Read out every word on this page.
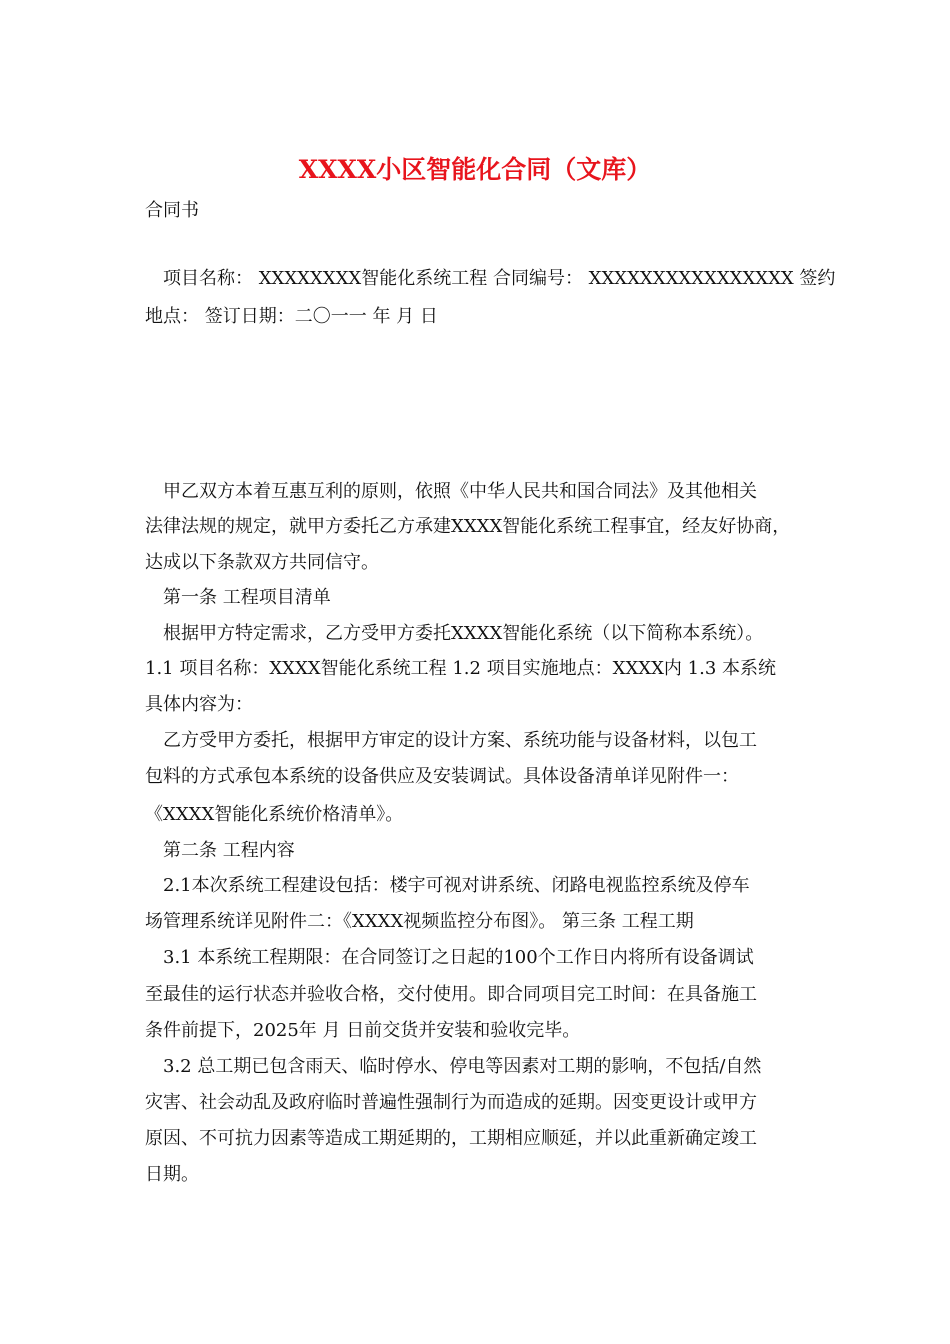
XXXX小区智能化合同（文库）
合同书
　项目名称： XXXXXXXX智能化系统工程 合同编号： XXXXXXXXXXXXXXXX 签约
地点： 签订日期：二〇一一 年 月 日
　甲乙双方本着互惠互利的原则，依照《中华人民共和国合同法》及其他相关
法律法规的规定，就甲方委托乙方承建XXXX智能化系统工程事宜，经友好协商，
达成以下条款双方共同信守。
　第一条 工程项目清单
　根据甲方特定需求，乙方受甲方委托XXXX智能化系统（以下简称本系统）。
1.1 项目名称：XXXX智能化系统工程 1.2 项目实施地点：XXXX内 1.3 本系统
具体内容为：
　乙方受甲方委托，根据甲方审定的设计方案、系统功能与设备材料，以包工
包料的方式承包本系统的设备供应及安装调试。具体设备清单详见附件一：
《XXXX智能化系统价格清单》。
　第二条 工程内容
　2.1本次系统工程建设包括：楼宇可视对讲系统、闭路电视监控系统及停车
场管理系统详见附件二：《XXXX视频监控分布图》。 第三条 工程工期
　3.1 本系统工程期限：在合同签订之日起的100个工作日内将所有设备调试
至最佳的运行状态并验收合格，交付使用。即合同项目完工时间：在具备施工
条件前提下，2025年 月 日前交货并安装和验收完毕。
　3.2 总工期已包含雨天、临时停水、停电等因素对工期的影响，不包括/自然
灾害、社会动乱及政府临时普遍性强制行为而造成的延期。因变更设计或甲方
原因、不可抗力因素等造成工期延期的，工期相应顺延，并以此重新确定竣工
日期。
